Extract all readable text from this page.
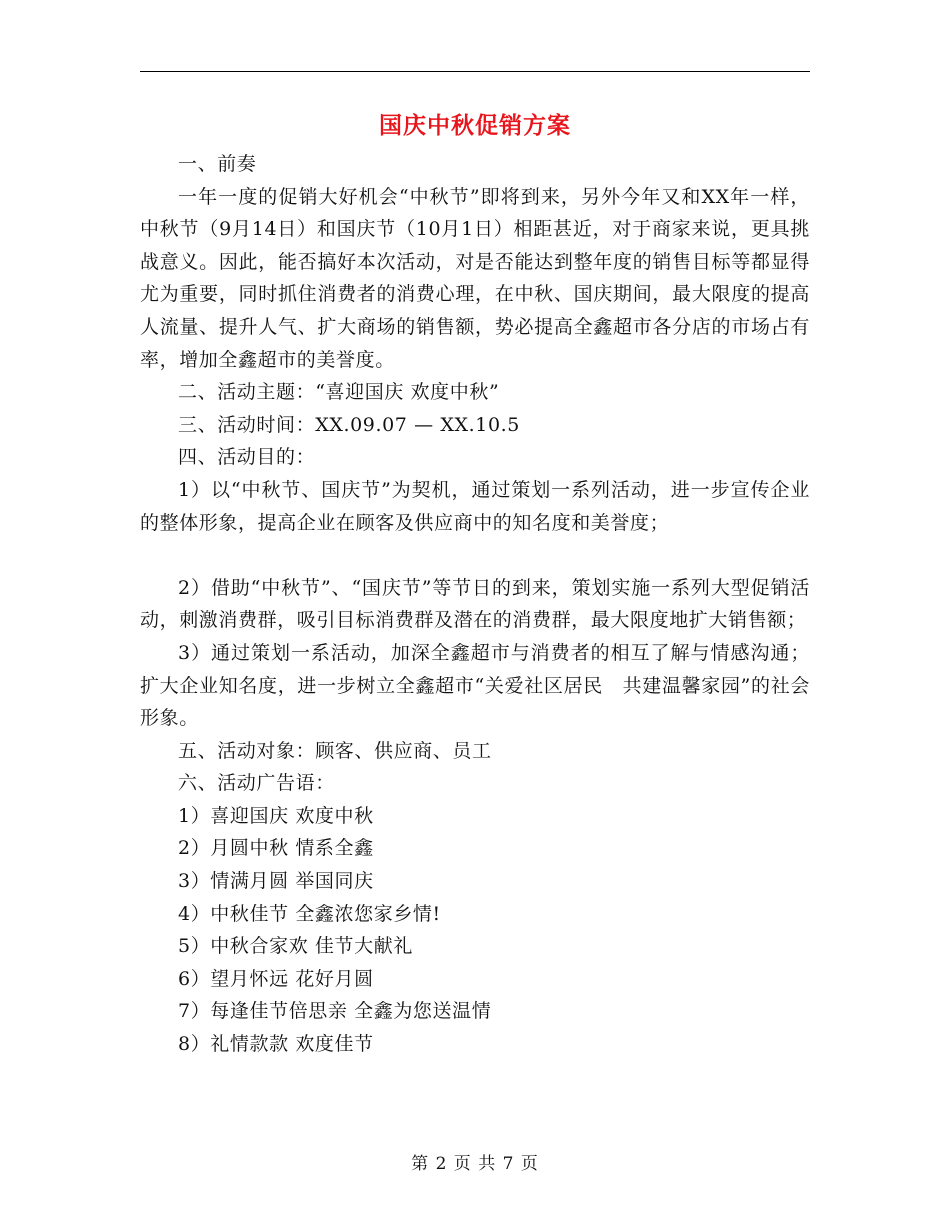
国庆中秋促销方案

一、前奏

一年一度的促销大好机会“中秋节”即将到来，另外今年又和XX年一样，中秋节（9月14日）和国庆节（10月1日）相距甚近，对于商家来说，更具挑战意义。因此，能否搞好本次活动，对是否能达到整年度的销售目标等都显得尤为重要，同时抓住消费者的消费心理，在中秋、国庆期间，最大限度的提高人流量、提升人气、扩大商场的销售额，势必提高全鑫超市各分店的市场占有率，增加全鑫超市的美誉度。

二、活动主题：“喜迎国庆 欢度中秋”

三、活动时间：XX.09.07 — XX.10.5

四、活动目的：

1）以“中秋节、国庆节”为契机，通过策划一系列活动，进一步宣传企业的整体形象，提高企业在顾客及供应商中的知名度和美誉度；

2）借助“中秋节”、“国庆节”等节日的到来，策划实施一系列大型促销活动，刺激消费群，吸引目标消费群及潜在的消费群，最大限度地扩大销售额；

3）通过策划一系活动，加深全鑫超市与消费者的相互了解与情感沟通；扩大企业知名度，进一步树立全鑫超市“关爱社区居民　共建温馨家园”的社会形象。

五、活动对象：顾客、供应商、员工

六、活动广告语：

1）喜迎国庆 欢度中秋

2）月圆中秋 情系全鑫

3）情满月圆 举国同庆

4）中秋佳节 全鑫浓您家乡情!

5）中秋合家欢 佳节大献礼

6）望月怀远 花好月圆

7）每逢佳节倍思亲 全鑫为您送温情

8）礼情款款 欢度佳节

第 2 页 共 7 页
